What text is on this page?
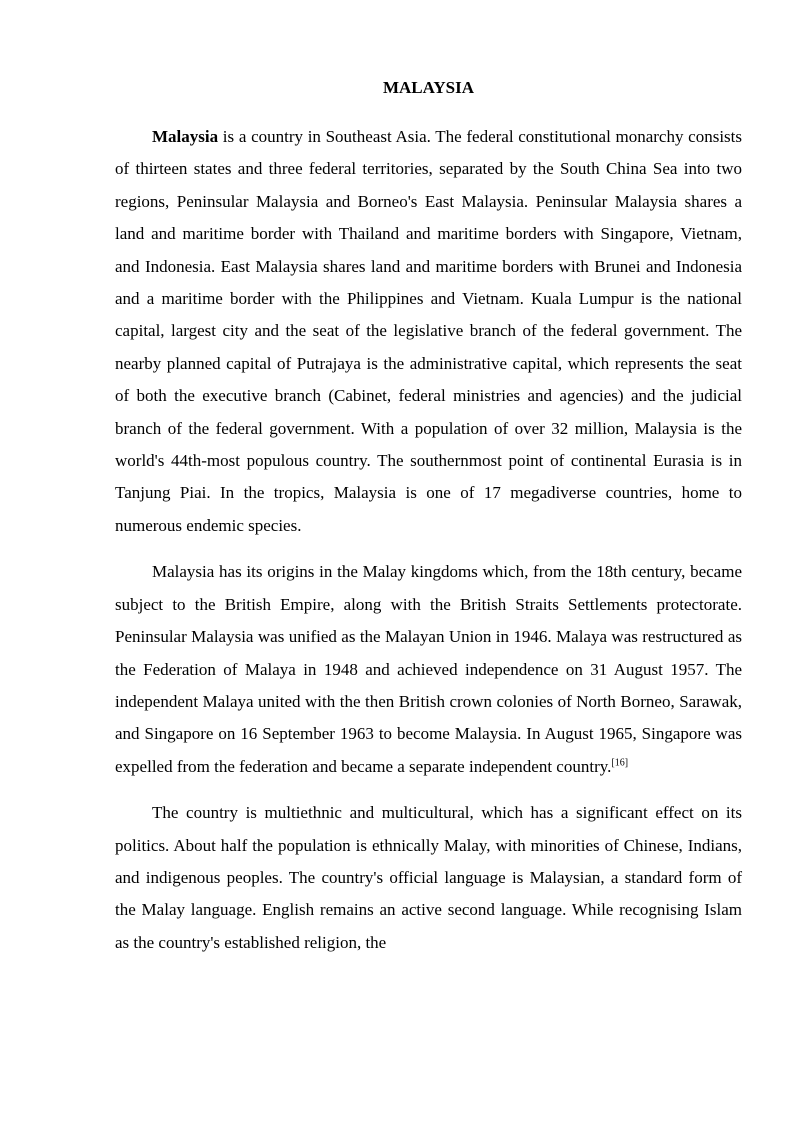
MALAYSIA

Malaysia is a country in Southeast Asia. The federal constitutional monarchy consists of thirteen states and three federal territories, separated by the South China Sea into two regions, Peninsular Malaysia and Borneo's East Malaysia. Peninsular Malaysia shares a land and maritime border with Thailand and maritime borders with Singapore, Vietnam, and Indonesia. East Malaysia shares land and maritime borders with Brunei and Indonesia and a maritime border with the Philippines and Vietnam. Kuala Lumpur is the national capital, largest city and the seat of the legislative branch of the federal government. The nearby planned capital of Putrajaya is the administrative capital, which represents the seat of both the executive branch (Cabinet, federal ministries and agencies) and the judicial branch of the federal government. With a population of over 32 million, Malaysia is the world's 44th-most populous country. The southernmost point of continental Eurasia is in Tanjung Piai. In the tropics, Malaysia is one of 17 megadiverse countries, home to numerous endemic species.

Malaysia has its origins in the Malay kingdoms which, from the 18th century, became subject to the British Empire, along with the British Straits Settlements protectorate. Peninsular Malaysia was unified as the Malayan Union in 1946. Malaya was restructured as the Federation of Malaya in 1948 and achieved independence on 31 August 1957. The independent Malaya united with the then British crown colonies of North Borneo, Sarawak, and Singapore on 16 September 1963 to become Malaysia. In August 1965, Singapore was expelled from the federation and became a separate independent country.[16]

The country is multiethnic and multicultural, which has a significant effect on its politics. About half the population is ethnically Malay, with minorities of Chinese, Indians, and indigenous peoples. The country's official language is Malaysian, a standard form of the Malay language. English remains an active second language. While recognising Islam as the country's established religion, the
